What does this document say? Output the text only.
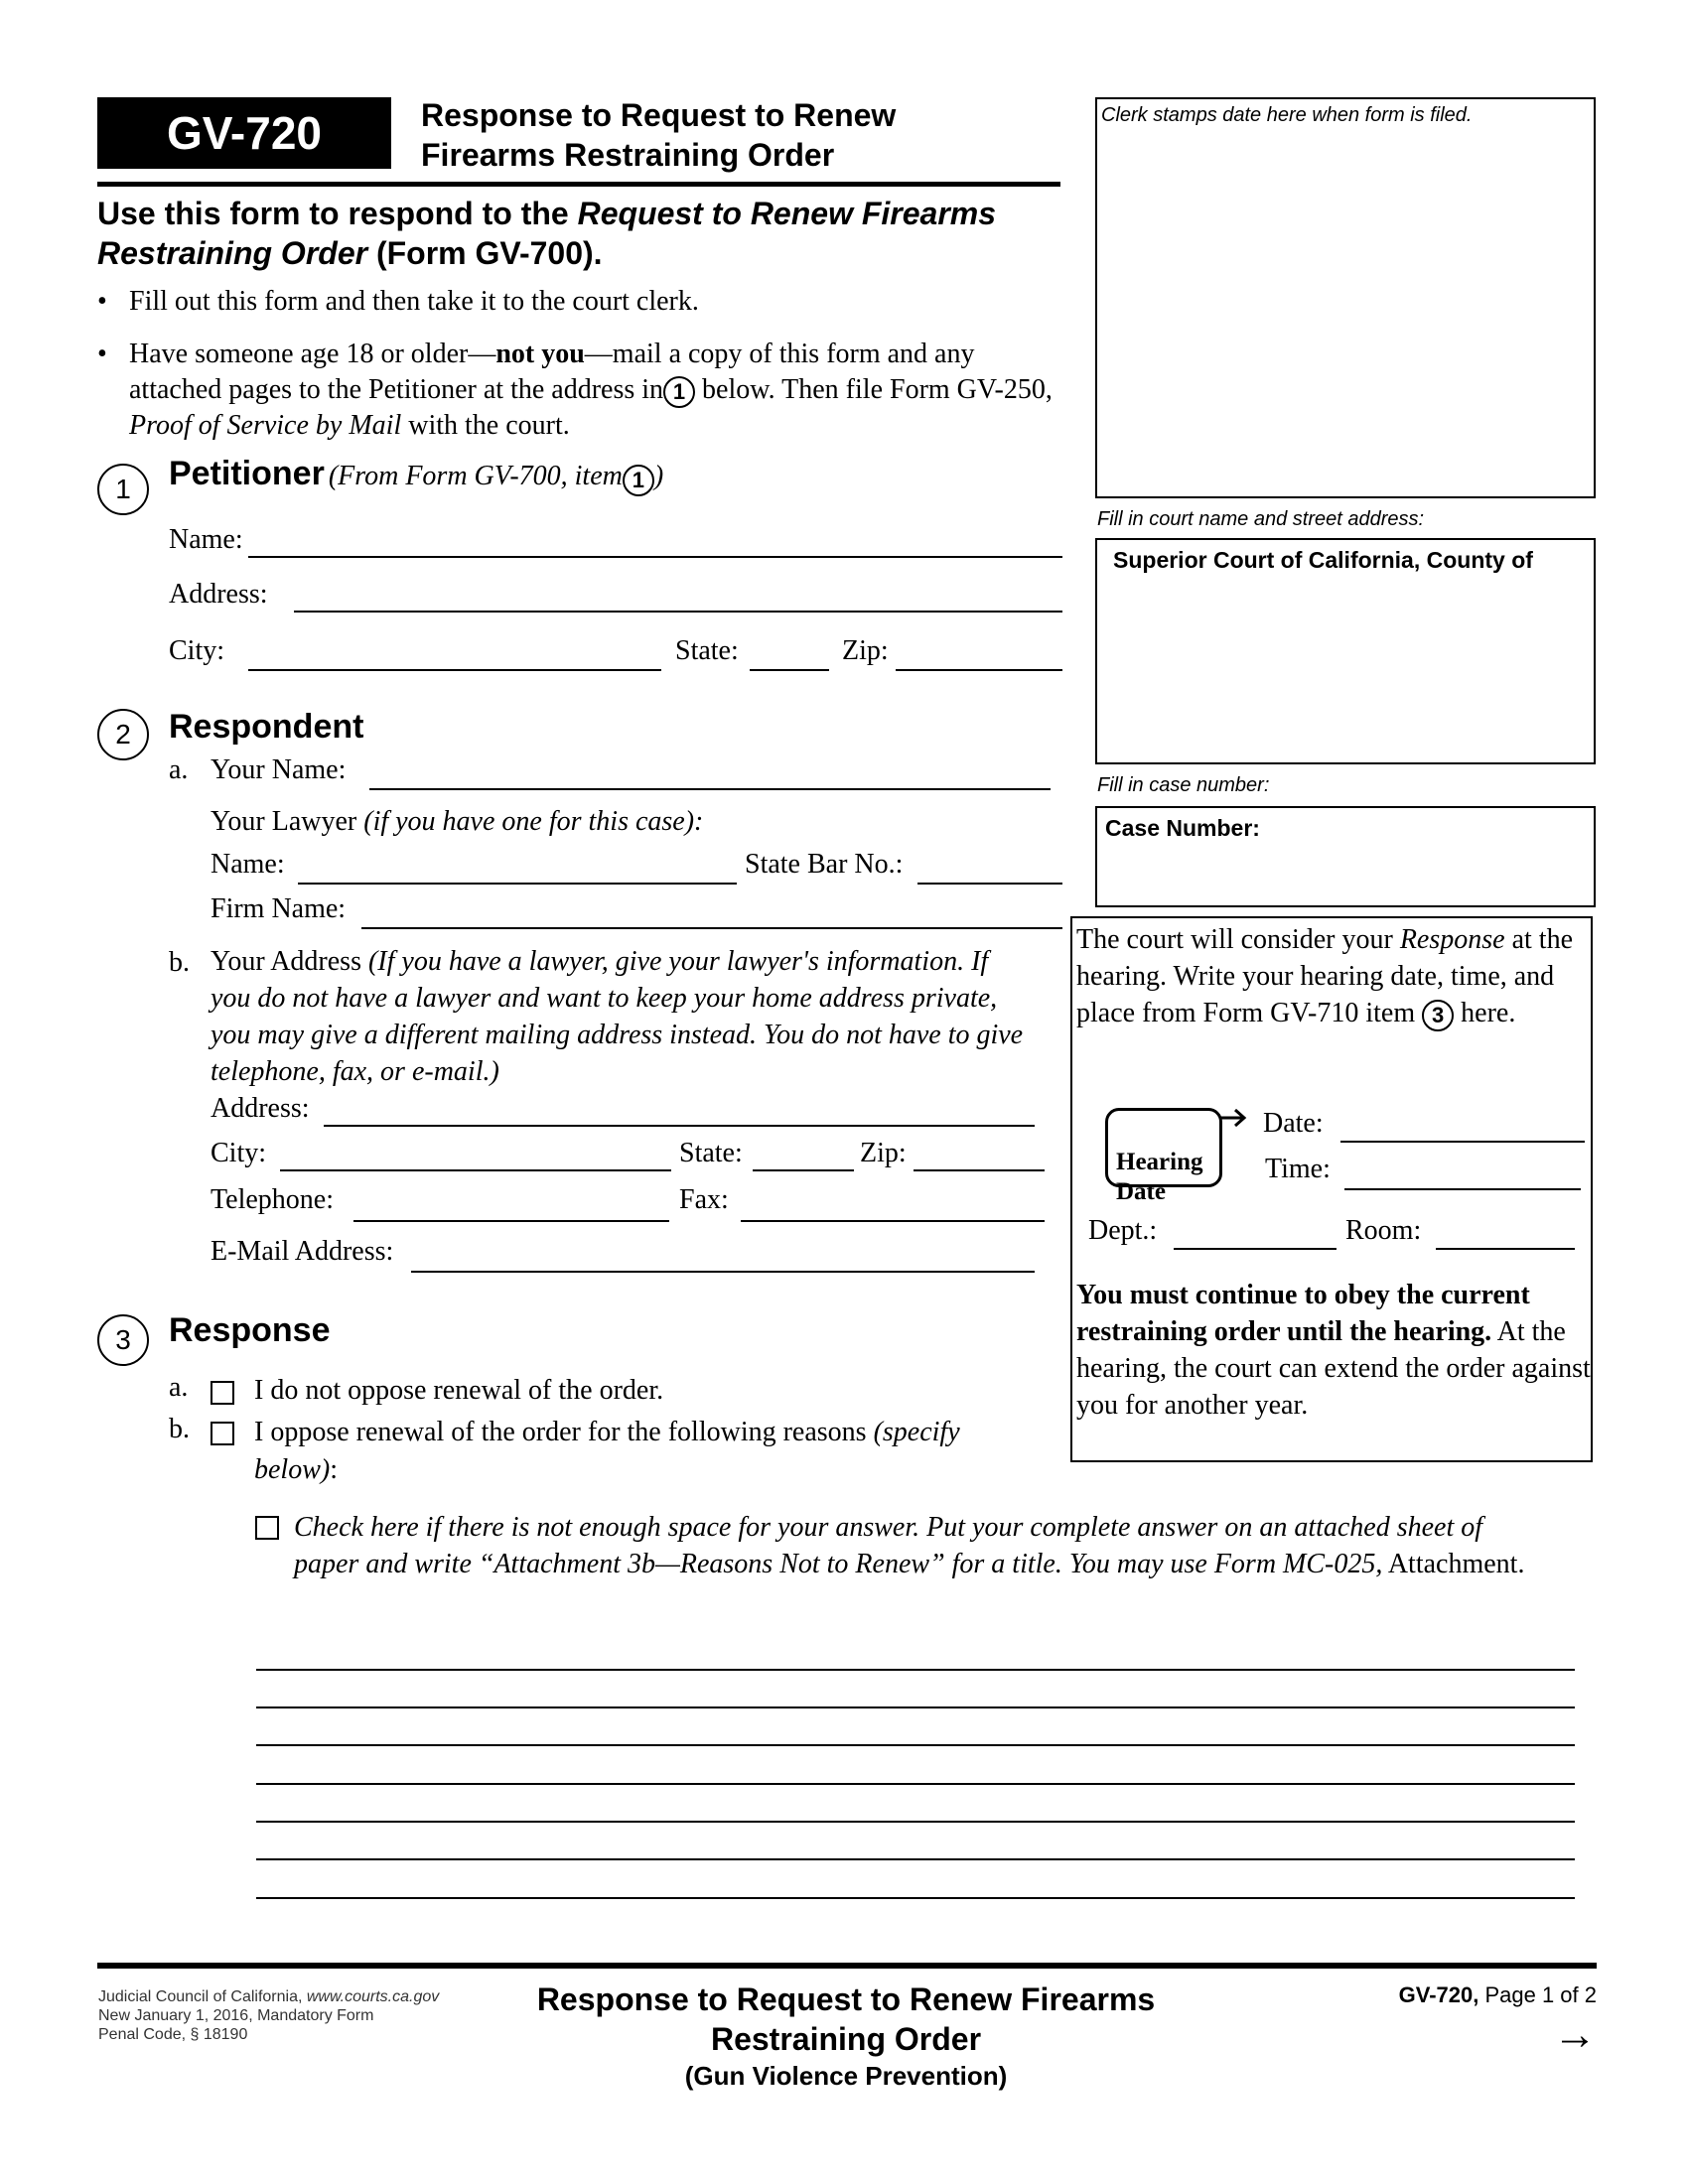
GV-720	Response to Request to Renew
Firearms Restraining Order
Use this form to respond to the Request to Renew Firearms Restraining Order (Form GV-700).
• Fill out this form and then take it to the court clerk.
• Have someone age 18 or older—not you—mail a copy of this form and any attached pages to the Petitioner at the address in 1 below. Then file Form GV-250, Proof of Service by Mail with the court.
1 Petitioner (From Form GV-700, item 1 )
Name:
Address:
City:	State:	Zip:
2 Respondent
a. Your Name:
Your Lawyer (if you have one for this case):
Name:	State Bar No.:
Firm Name:
b. Your Address (If you have a lawyer, give your lawyer's information. If you do not have a lawyer and want to keep your home address private, you may give a different mailing address instead. You do not have to give telephone, fax, or e-mail.)
Address:
City:	State:	Zip:
Telephone:	Fax:
E-Mail Address:
3 Response
a. I do not oppose renewal of the order.
b. I oppose renewal of the order for the following reasons (specify below):
Check here if there is not enough space for your answer. Put your complete answer on an attached sheet of paper and write “Attachment 3b—Reasons Not to Renew” for a title. You may use Form MC-025, Attachment.
Clerk stamps date here when form is filed.
Fill in court name and street address:
Superior Court of California, County of
Fill in case number:
Case Number:
The court will consider your Response at the hearing. Write your hearing date, time, and place from Form GV-710 item 3 here.

Hearing Date

Date:
Time:
Dept.:	Room:
You must continue to obey the current restraining order until the hearing. At the hearing, the court can extend the order against you for another year.
Judicial Council of California, www.courts.ca.gov
New January 1, 2016, Mandatory Form
Penal Code, § 18190
Response to Request to Renew Firearms
Restraining Order
(Gun Violence Prevention)
GV-720, Page 1 of 2
→
